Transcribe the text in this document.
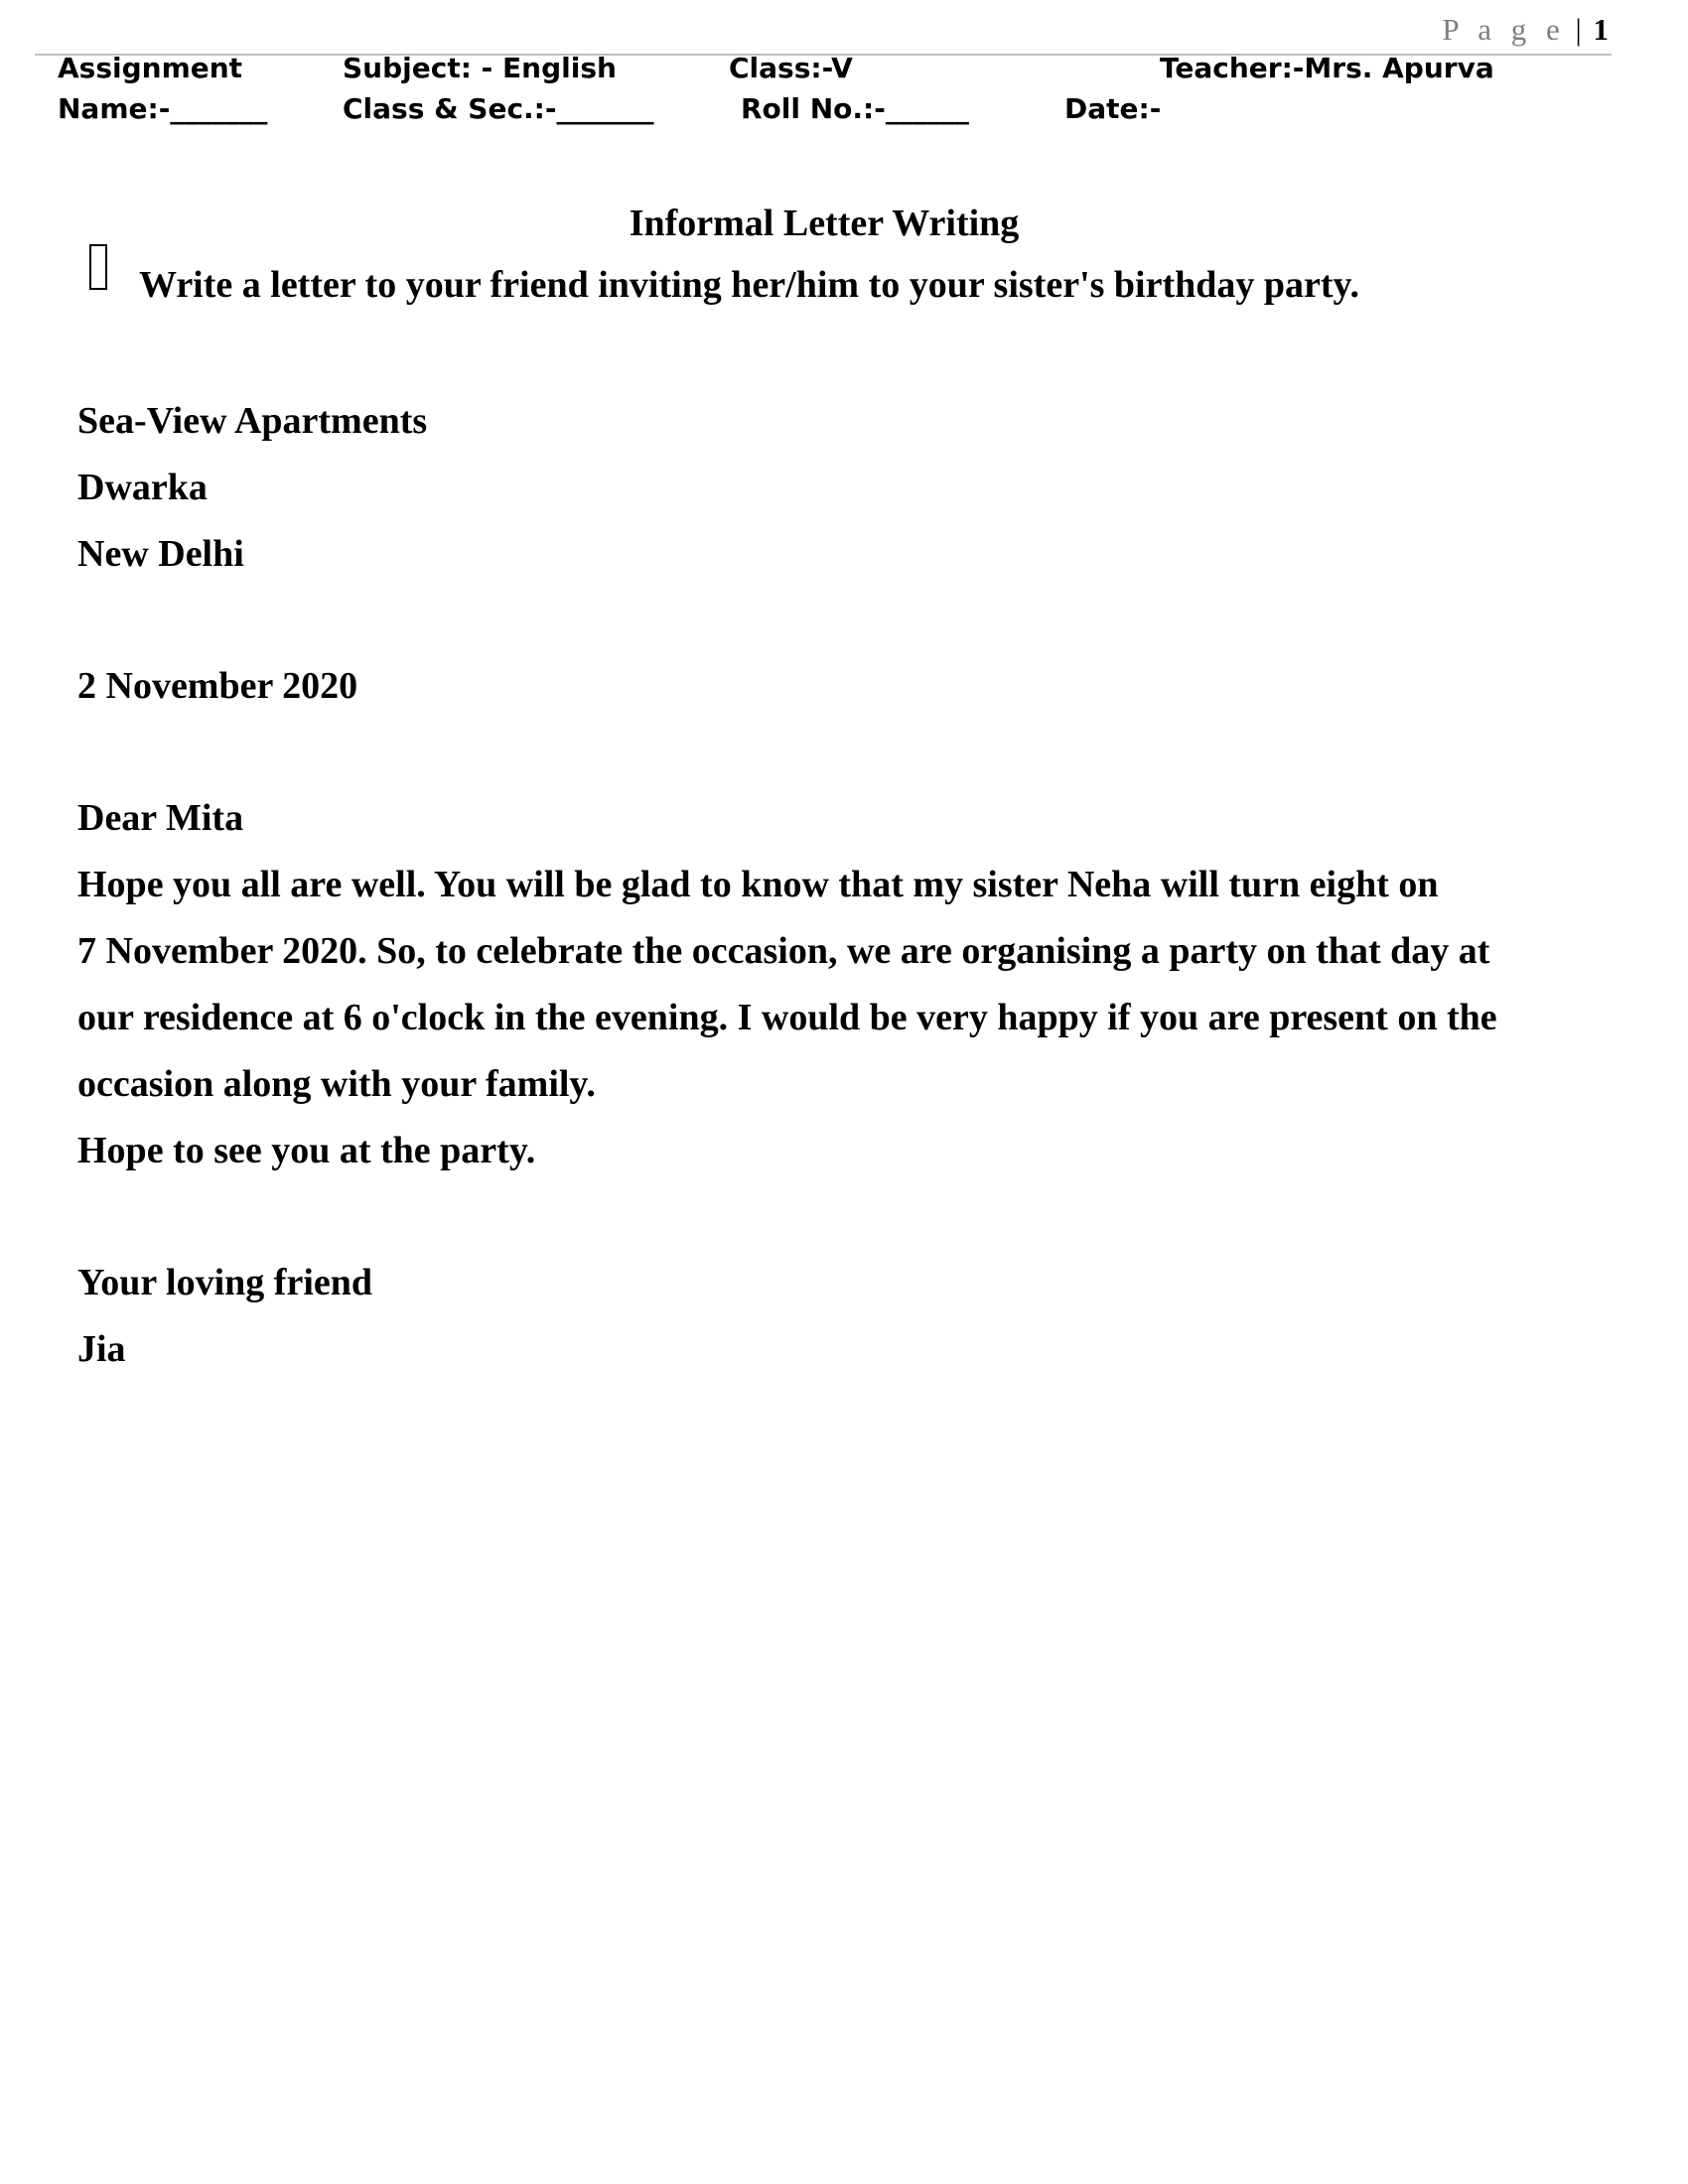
P a g e | 1
Assignment	Subject: - English	Class:-V	Teacher:-Mrs. Apurva
Name:-_______	Class & Sec.:-_______	Roll No.:-______	Date:-
Informal Letter Writing
Write a letter to your friend inviting her/him to your sister's birthday party.
Sea-View Apartments
Dwarka
New Delhi
2 November 2020
Dear Mita
Hope you all are well. You will be glad to know that my sister Neha will turn eight on
7 November 2020. So, to celebrate the occasion, we are organising a party on that day at
our residence at 6 o'clock in the evening. I would be very happy if you are present on the
occasion along with your family.
Hope to see you at the party.
Your loving friend
Jia
